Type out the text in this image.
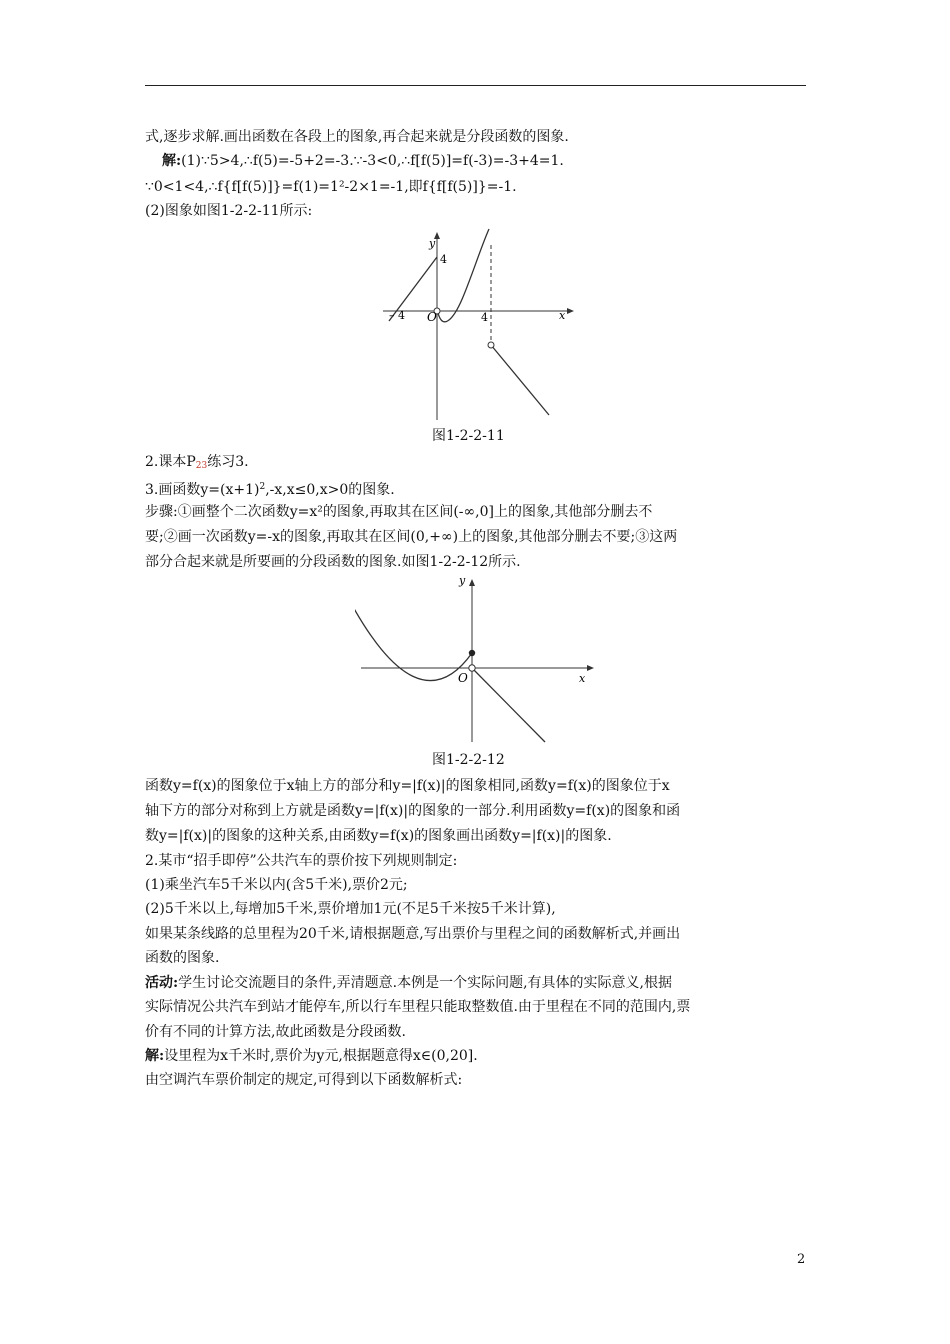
式,逐步求解.画出函数在各段上的图象,再合起来就是分段函数的图象.
解:(1)∵5>4,∴f(5)=-5+2=-3.∵-3<0,∴f[f(5)]=f(-3)=-3+4=1.
∵0<1<4,∴f{f[f(5)]}=f(1)=1²-2×1=-1,即f{f[f(5)]}=-1.
(2)图象如图1-2-2-11所示:
– 4 O	4
4
y
x
图1-2-2-11
2.课本$P_{23}$练习3.
3.画函数$y=(x+1)^2,-x,x\le 0,x>0$的图象.
步骤:①画整个二次函数y=x²的图象,再取其在区间(-∞,0]上的图象,其他部分删去不
要;②画一次函数y=-x的图象,再取其在区间(0,+∞)上的图象,其他部分删去不要;③这两
部分合起来就是所要画的分段函数的图象.如图1-2-2-12所示.
O
y
x
图1-2-2-12
函数y=f(x)的图象位于x轴上方的部分和y=|f(x)|的图象相同,函数y=f(x)的图象位于x
轴下方的部分对称到上方就是函数y=|f(x)|的图象的一部分.利用函数y=f(x)的图象和函
数y=|f(x)|的图象的这种关系,由函数y=f(x)的图象画出函数y=|f(x)|的图象.
2.某市“招手即停”公共汽车的票价按下列规则制定:
(1)乘坐汽车5千米以内(含5千米),票价2元;
(2)5千米以上,每增加5千米,票价增加1元(不足5千米按5千米计算),
如果某条线路的总里程为20千米,请根据题意,写出票价与里程之间的函数解析式,并画出
函数的图象.
活动:学生讨论交流题目的条件,弄清题意.本例是一个实际问题,有具体的实际意义,根据
实际情况公共汽车到站才能停车,所以行车里程只能取整数值.由于里程在不同的范围内,票
价有不同的计算方法,故此函数是分段函数.
解:设里程为x千米时,票价为y元,根据题意得x∈(0,20].
由空调汽车票价制定的规定,可得到以下函数解析式:
2
